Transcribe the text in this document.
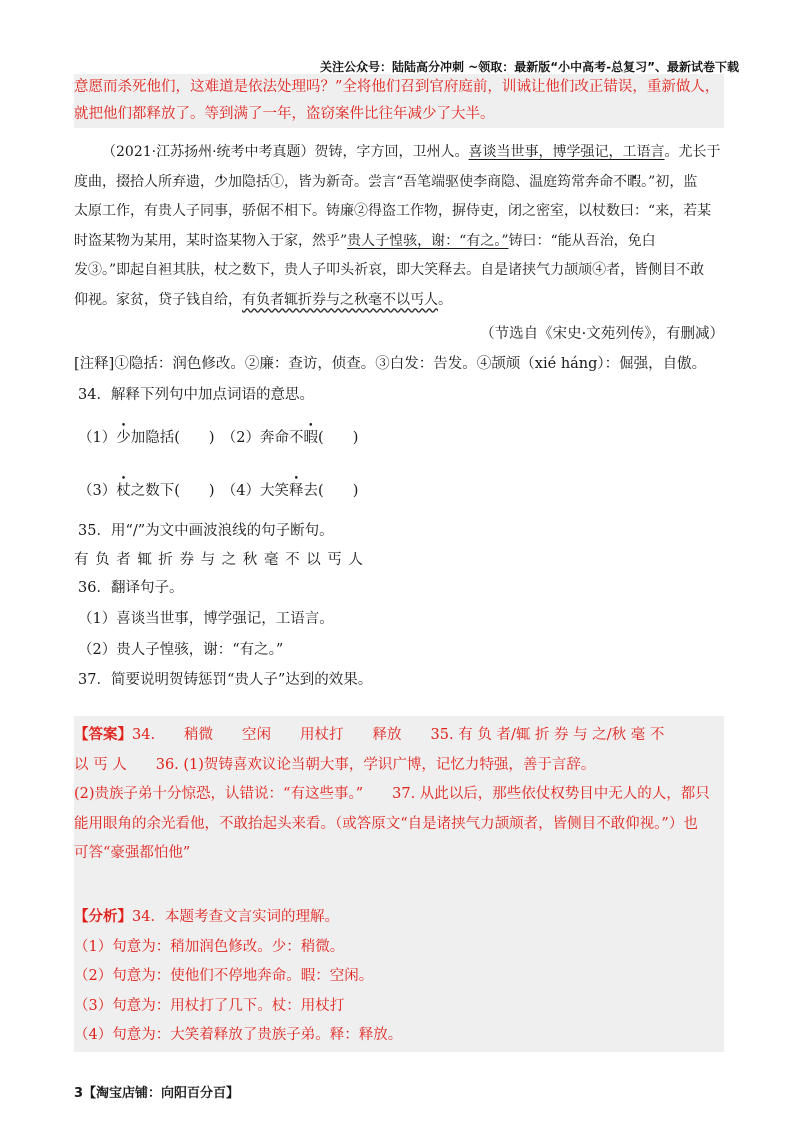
关注公众号：陆陆高分冲刺 ~领取：最新版“小中高考-总复习”、最新试卷下载
意愿而杀死他们，这难道是依法处理吗？”全将他们召到官府庭前，训诫让他们改正错误，重新做人，
就把他们都释放了。等到满了一年，盗窃案件比往年减少了大半。
（2021·江苏扬州·统考中考真题）贺铸，字方回，卫州人。喜谈当世事，博学强记，工语言。尤长于
度曲，掇拾人所弃遗，少 •加隐括①，皆为新奇。尝言“吾笔端驱使李商隐、温庭筠常奔命不暇 •。”初，监
太原工作，有贵人子同事，骄倨不相下。铸廉②得盗工作物，摒侍吏，闭之密室，以杖数曰：“来，若某
时盗某物为某用，某时盗某物入于家，然乎”贵人子惶骇，谢：“有之。”铸曰：“能从吾治，免白
发③。”即起自袒其肤，杖之数下，贵人子叩头祈哀，即大笑释去。自是诸挟气力颉颃④者，皆侧目不敢
仰视。家贫，贷子钱自给，有负者辄折券与之秋毫不以丐人。
（节选自《宋史·文苑列传》，有删减）
[注释]①隐括：润色修改。②廉：查访，侦查。③白发：告发。④颉颃（xié háng）：倔强，自傲。
34．解释下列句中加点词语的意思。
（1）少加隐括(　　)　（2）奔命不暇(　　)
（3）杖之数下(　　)　（4）大笑释去(　　)
35．用“/”为文中画波浪线的句子断句。
有 负 者 辄 折 券 与 之 秋 毫 不 以 丐 人
36．翻译句子。
（1）喜谈当世事，博学强记，工语言。
（2）贵人子惶骇，谢：“有之。”
37．简要说明贺铸惩罚“贵人子”达到的效果。
【答案】34.　　稍微　　空闲　　用杖打　　释放　　35. 有 负 者/辄 折 券 与 之/秋 毫 不
以 丐 人　　36. (1)贺铸喜欢议论当朝大事，学识广博，记忆力特强，善于言辞。
(2)贵族子弟十分惊恐，认错说：“有这些事。”　　37. 从此以后，那些依仗权势目中无人的人，都只
能用眼角的余光看他，不敢抬起头来看。（或答原文“自是诸挟气力颉颃者，皆侧目不敢仰视。”）也
可答“豪强都怕他”
【分析】34．本题考查文言实词的理解。
（1）句意为：稍加润色修改。少：稍微。
（2）句意为：使他们不停地奔命。暇：空闲。
（3）句意为：用杖打了几下。杖：用杖打
（4）句意为：大笑着释放了贵族子弟。释：释放。
3【淘宝店铺：向阳百分百】
